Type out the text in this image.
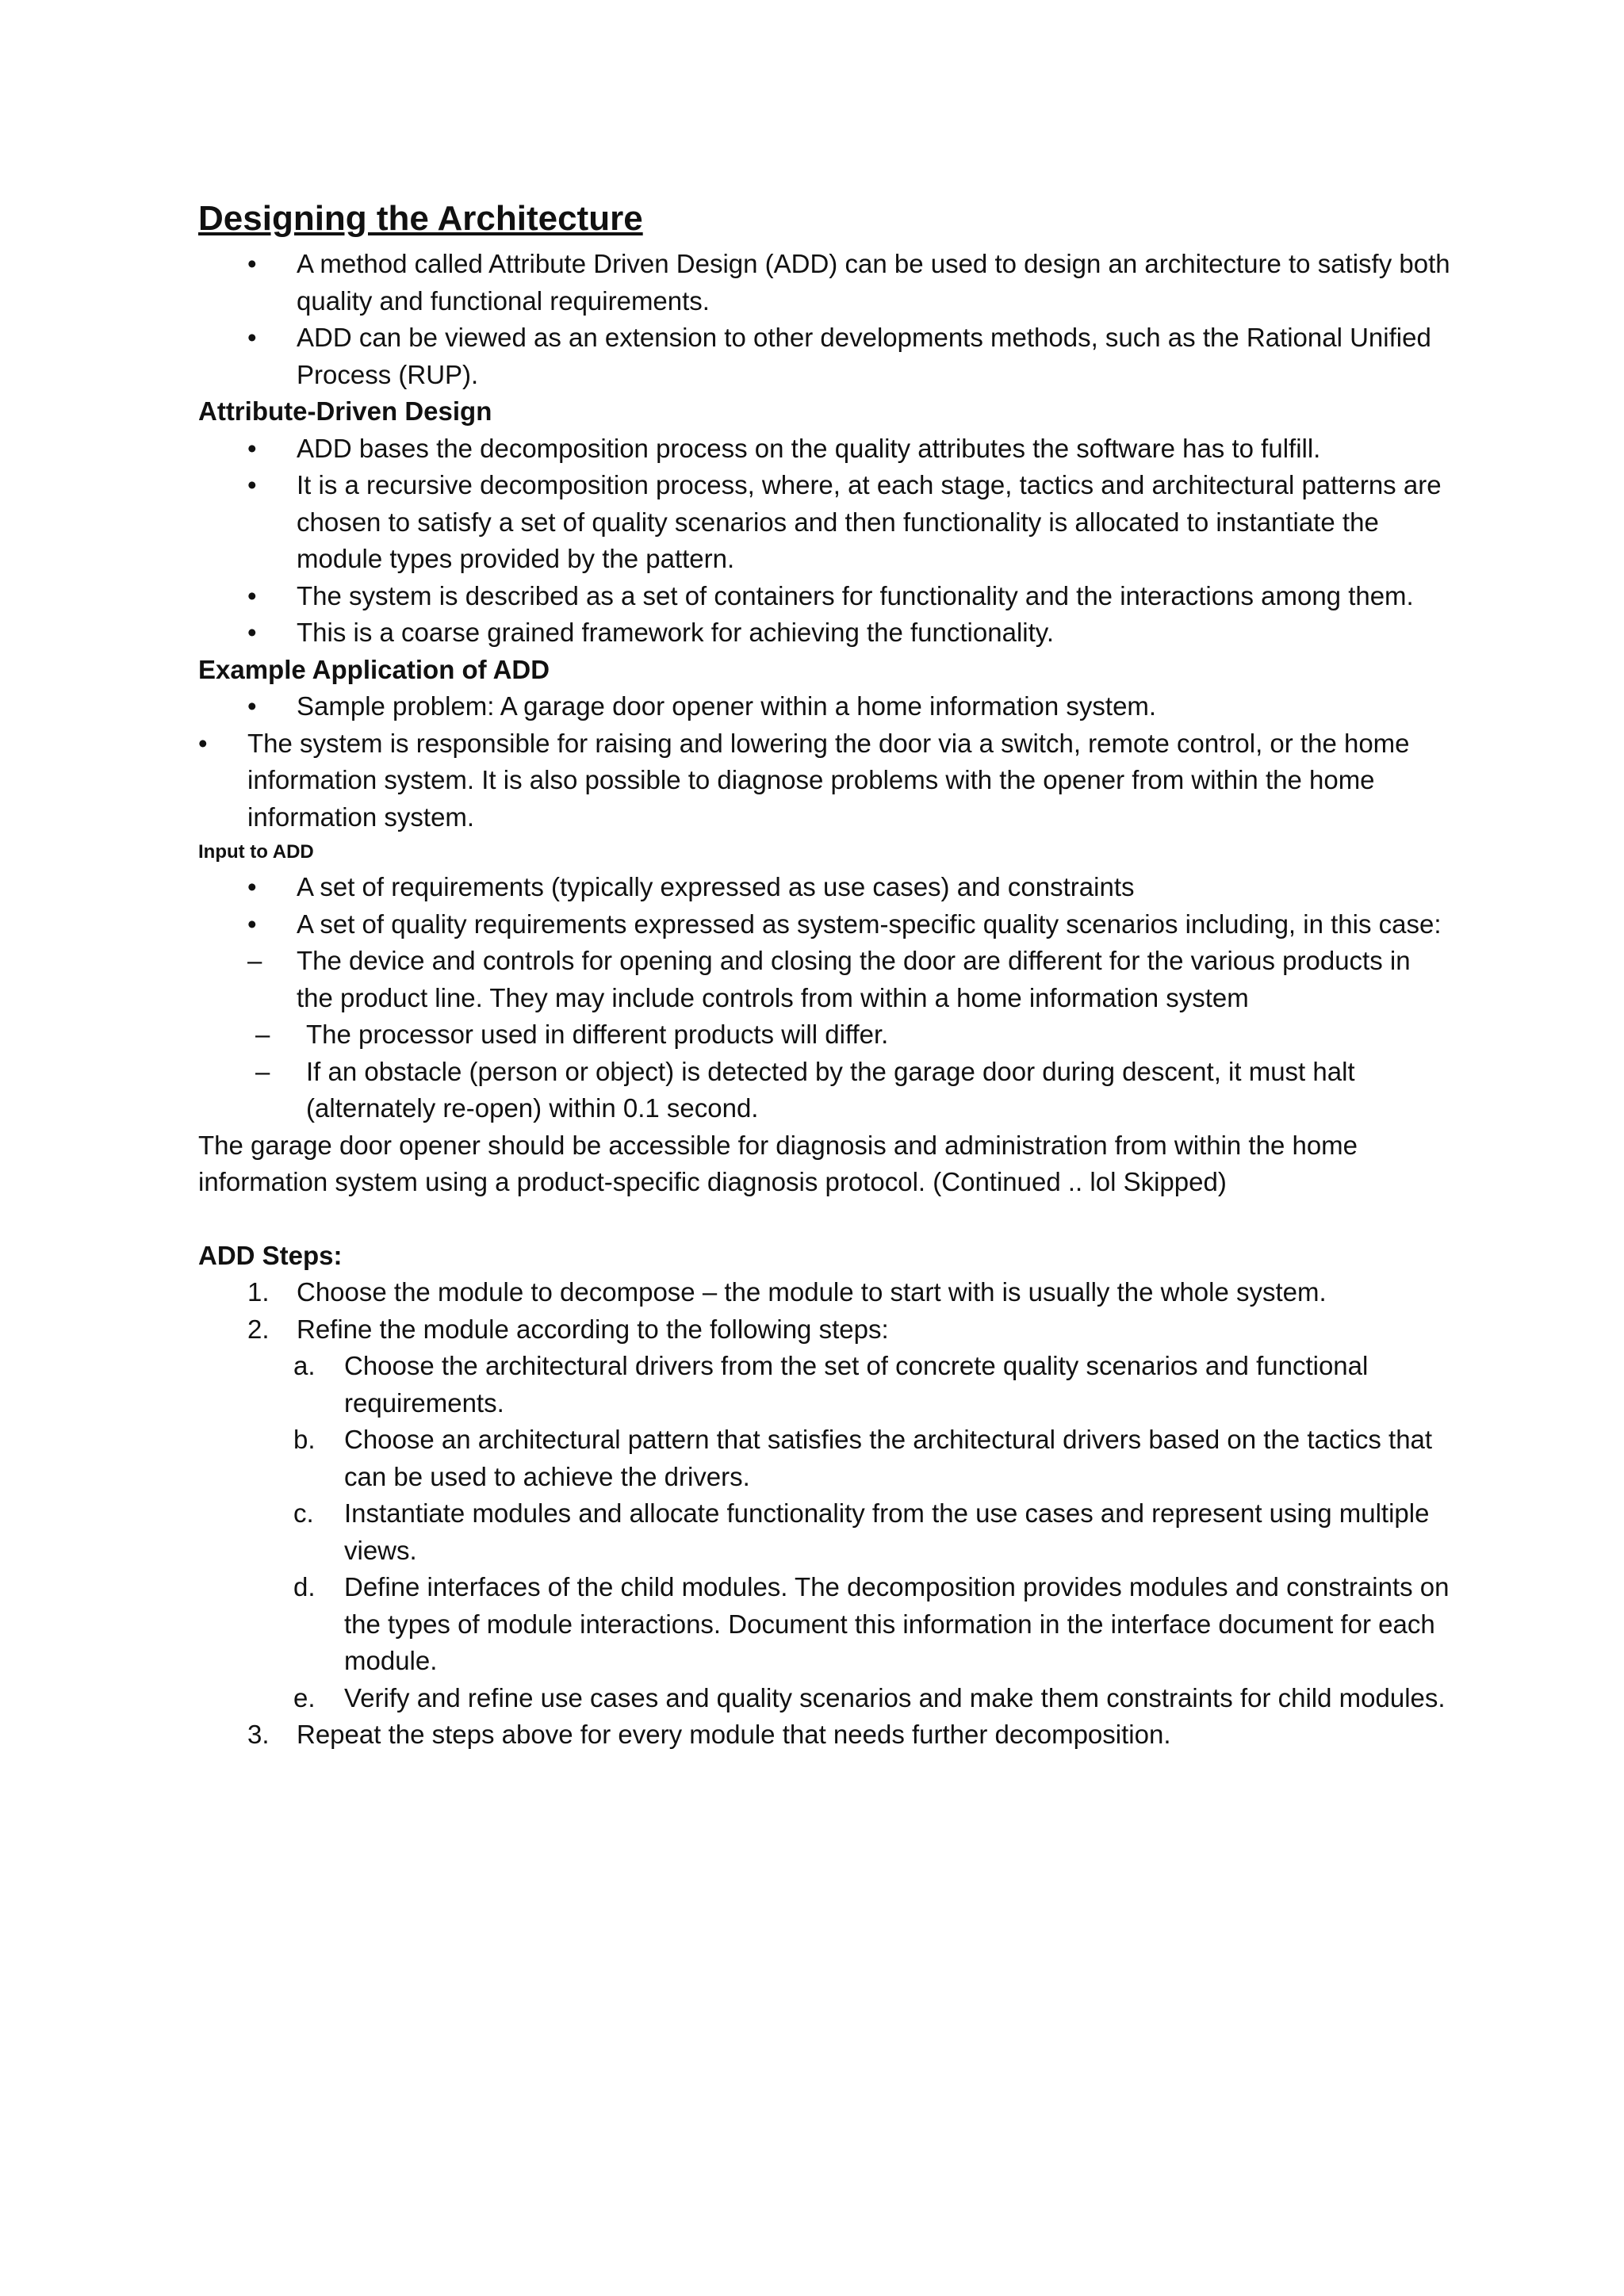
Designing the Architecture
• A method called Attribute Driven Design (ADD) can be used to design an architecture to satisfy both quality and functional requirements.
• ADD can be viewed as an extension to other developments methods, such as the Rational Unified Process (RUP).
Attribute-Driven Design
• ADD bases the decomposition process on the quality attributes the software has to fulfill.
• It is a recursive decomposition process, where, at each stage, tactics and architectural patterns are chosen to satisfy a set of quality scenarios and then functionality is allocated to instantiate the module types provided by the pattern.
• The system is described as a set of containers for functionality and the interactions among them.
• This is a coarse grained framework for achieving the functionality.
Example Application of ADD
• Sample problem: A garage door opener within a home information system.
• The system is responsible for raising and lowering the door via a switch, remote control, or the home information system. It is also possible to diagnose problems with the opener from within the home information system.
Input to ADD
• A set of requirements (typically expressed as use cases) and constraints
• A set of quality requirements expressed as system-specific quality scenarios including, in this case:
– The device and controls for opening and closing the door are different for the various products in the product line. They may include controls from within a home information system
– The processor used in different products will differ.
– If an obstacle (person or object) is detected by the garage door during descent, it must halt (alternately re-open) within 0.1 second.
The garage door opener should be accessible for diagnosis and administration from within the home information system using a product-specific diagnosis protocol. (Continued .. lol Skipped)
ADD Steps:
1. Choose the module to decompose – the module to start with is usually the whole system.
2. Refine the module according to the following steps:
a. Choose the architectural drivers from the set of concrete quality scenarios and functional requirements.
b. Choose an architectural pattern that satisfies the architectural drivers based on the tactics that can be used to achieve the drivers.
c. Instantiate modules and allocate functionality from the use cases and represent using multiple views.
d. Define interfaces of the child modules. The decomposition provides modules and constraints on the types of module interactions. Document this information in the interface document for each module.
e. Verify and refine use cases and quality scenarios and make them constraints for child modules.
3. Repeat the steps above for every module that needs further decomposition.
